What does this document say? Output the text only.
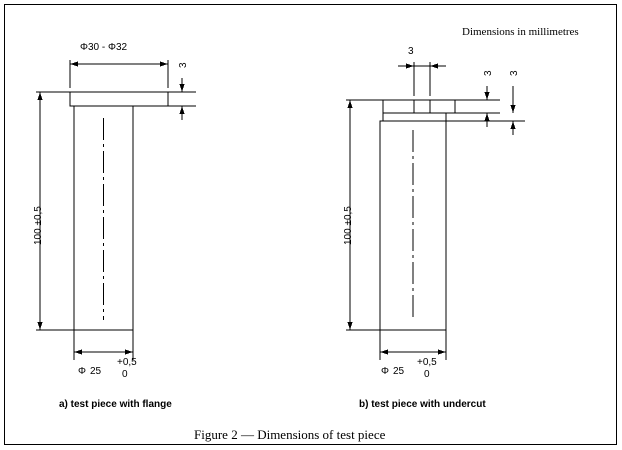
Dimensions in millimetres
Φ30 - Φ32
3
100 ±0,5
Φ 25
+0,5
0
a) test piece with flange
3
3 3
100 ±0,5
Φ 25
+0,5
0
b) test piece with undercut
Figure 2 — Dimensions of test piece
